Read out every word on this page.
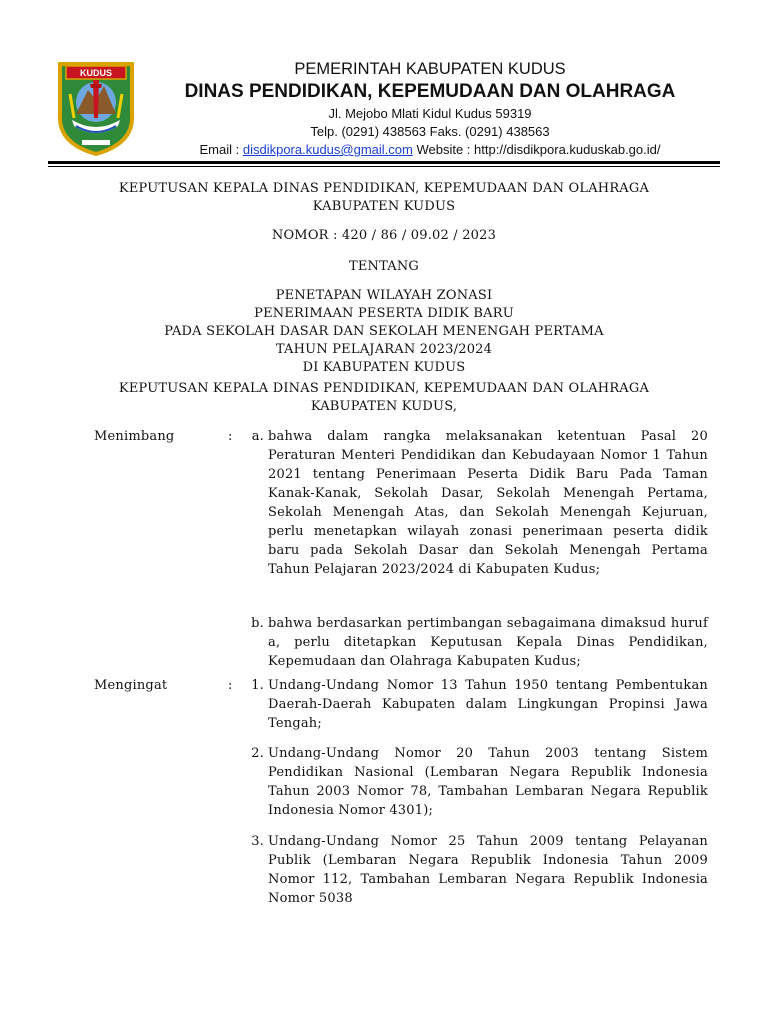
KUDUS	PEMERINTAH KABUPATEN KUDUS
DINAS PENDIDIKAN, KEPEMUDAAN DAN OLAHRAGA
Jl. Mejobo Mlati Kidul Kudus 59319
Telp. (0291) 438563 Faks. (0291) 438563
Email : disdikpora.kudus@gmail.com Website : http://disdikpora.kuduskab.go.id/
KEPUTUSAN KEPALA DINAS PENDIDIKAN, KEPEMUDAAN DAN OLAHRAGA
KABUPATEN KUDUS
NOMOR : 420 / 86 / 09.02 / 2023
TENTANG
PENETAPAN WILAYAH ZONASI
PENERIMAAN PESERTA DIDIK BARU
PADA SEKOLAH DASAR DAN SEKOLAH MENENGAH PERTAMA
TAHUN PELAJARAN 2023/2024
DI KABUPATEN KUDUS
KEPUTUSAN KEPALA DINAS PENDIDIKAN, KEPEMUDAAN DAN OLAHRAGA
KABUPATEN KUDUS,
Menimbang	:	a. bahwa dalam rangka melaksanakan ketentuan Pasal 20 Peraturan Menteri Pendidikan dan Kebudayaan Nomor 1 Tahun 2021 tentang Penerimaan Peserta Didik Baru Pada Taman Kanak-Kanak, Sekolah Dasar, Sekolah Menengah Pertama, Sekolah Menengah Atas, dan Sekolah Menengah Kejuruan, perlu menetapkan wilayah zonasi penerimaan peserta didik baru pada Sekolah Dasar dan Sekolah Menengah Pertama Tahun Pelajaran 2023/2024 di Kabupaten Kudus;
b. bahwa berdasarkan pertimbangan sebagaimana dimaksud huruf a, perlu ditetapkan Keputusan Kepala Dinas Pendidikan, Kepemudaan dan Olahraga Kabupaten Kudus;
Mengingat	:	1. Undang-Undang Nomor 13 Tahun 1950 tentang Pembentukan Daerah-Daerah Kabupaten dalam Lingkungan Propinsi Jawa Tengah;
2. Undang-Undang Nomor 20 Tahun 2003 tentang Sistem Pendidikan Nasional (Lembaran Negara Republik Indonesia Tahun 2003 Nomor 78, Tambahan Lembaran Negara Republik Indonesia Nomor 4301);
3. Undang-Undang Nomor 25 Tahun 2009 tentang Pelayanan Publik (Lembaran Negara Republik Indonesia Tahun 2009 Nomor 112, Tambahan Lembaran Negara Republik Indonesia Nomor 5038
